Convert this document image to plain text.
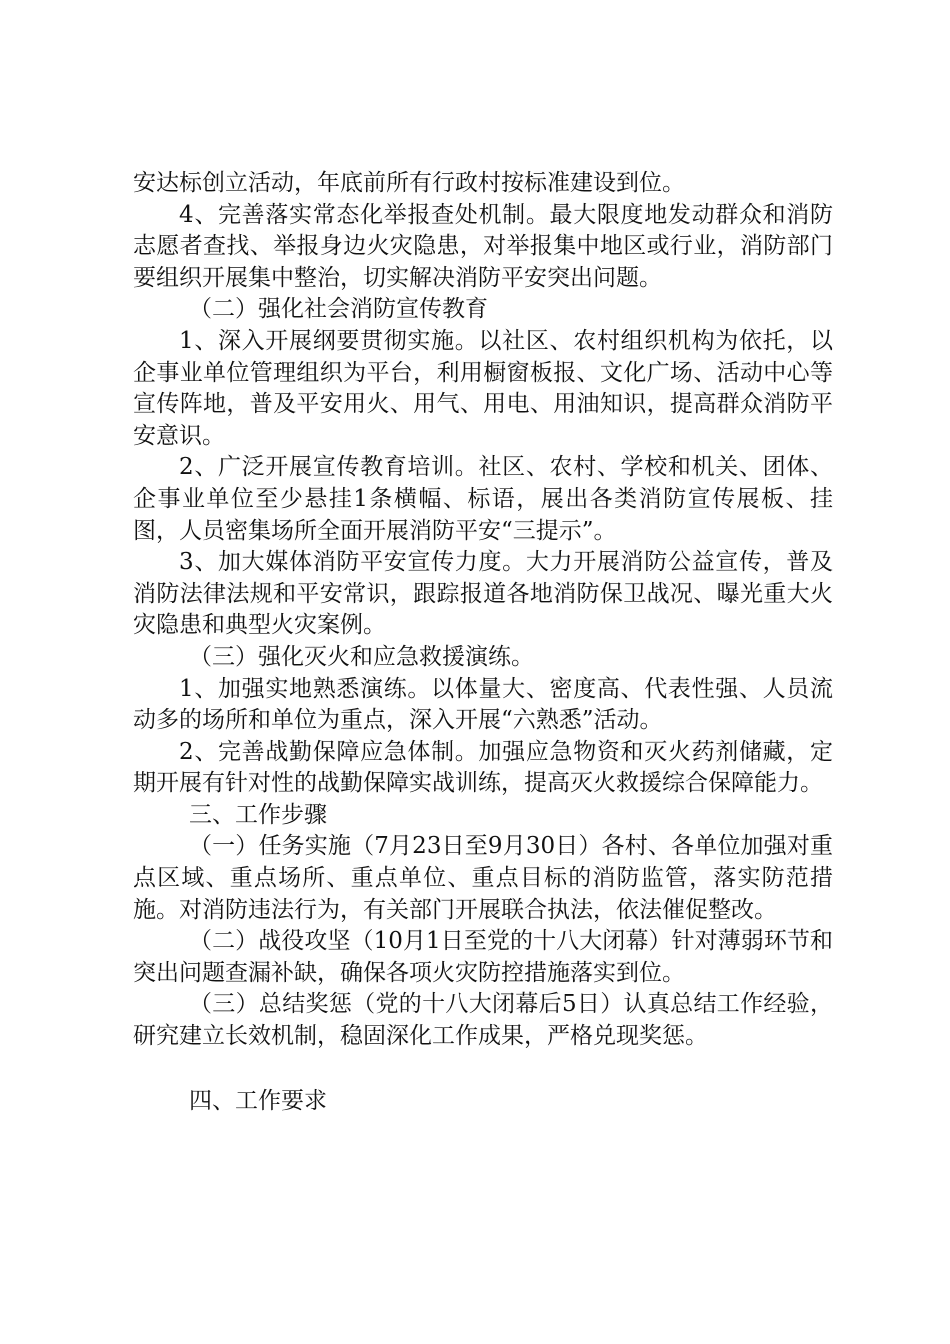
安达标创立活动，年底前所有行政村按标准建设到位。

4、完善落实常态化举报查处机制。最大限度地发动群众和消防志愿者查找、举报身边火灾隐患，对举报集中地区或行业，消防部门要组织开展集中整治，切实解决消防平安突出问题。

（二）强化社会消防宣传教育

1、深入开展纲要贯彻实施。以社区、农村组织机构为依托，以企事业单位管理组织为平台，利用橱窗板报、文化广场、活动中心等宣传阵地，普及平安用火、用气、用电、用油知识，提高群众消防平安意识。

2、广泛开展宣传教育培训。社区、农村、学校和机关、团体、企事业单位至少悬挂1条横幅、标语，展出各类消防宣传展板、挂图，人员密集场所全面开展消防平安“三提示”。

3、加大媒体消防平安宣传力度。大力开展消防公益宣传，普及消防法律法规和平安常识，跟踪报道各地消防保卫战况、曝光重大火灾隐患和典型火灾案例。

（三）强化灭火和应急救援演练。

1、加强实地熟悉演练。以体量大、密度高、代表性强、人员流动多的场所和单位为重点，深入开展“六熟悉”活动。

2、完善战勤保障应急体制。加强应急物资和灭火药剂储藏，定期开展有针对性的战勤保障实战训练，提高灭火救援综合保障能力。

三、工作步骤

（一）任务实施（7月23日至9月30日）各村、各单位加强对重点区域、重点场所、重点单位、重点目标的消防监管，落实防范措施。对消防违法行为，有关部门开展联合执法，依法催促整改。

（二）战役攻坚（10月1日至党的十八大闭幕）针对薄弱环节和突出问题查漏补缺，确保各项火灾防控措施落实到位。

（三）总结奖惩（党的十八大闭幕后5日）认真总结工作经验，研究建立长效机制，稳固深化工作成果，严格兑现奖惩。

四、工作要求
